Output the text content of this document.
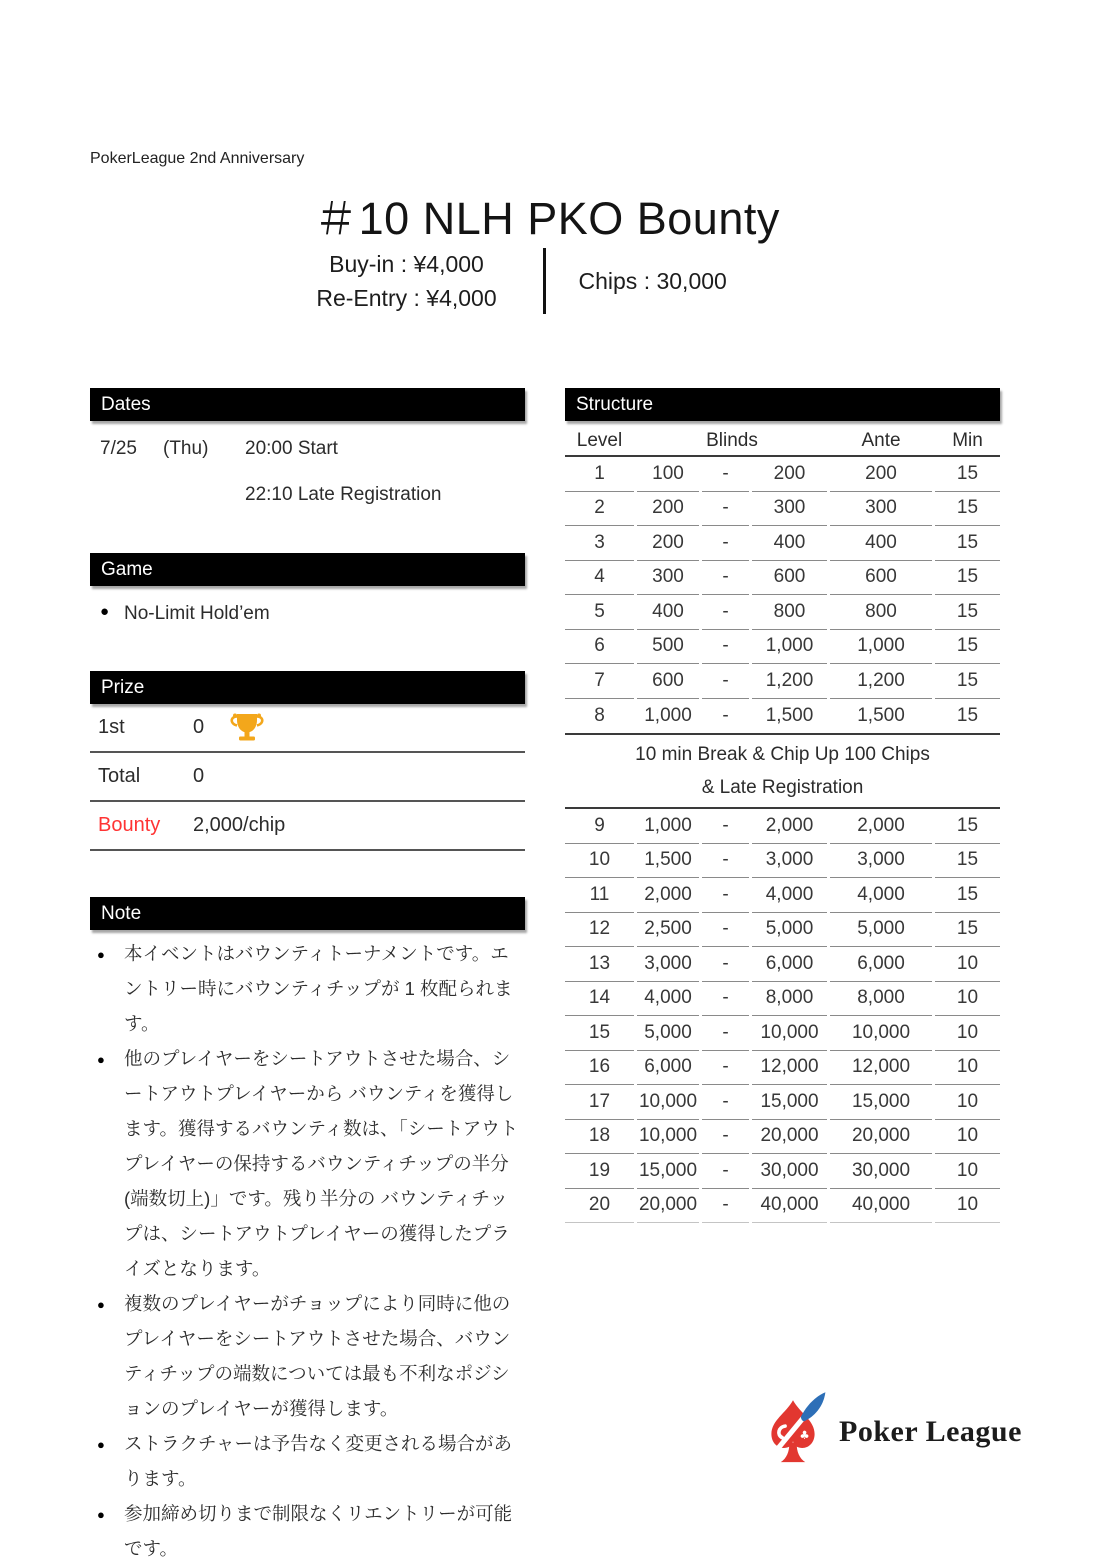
PokerLeague 2nd Anniversary
＃10 NLH PKO Bounty
Buy-in : ¥4,000
Re-Entry : ¥4,000
Chips : 30,000
Dates
7/25	(Thu)	20:00 Start
22:10 Late Registration
Game
● No-Limit Hold’em
Prize
1st	0
Total	0
Bounty	2,000/chip
Note
●	本イベントはバウンティトーナメントです。エントリー時にバウンティチップが 1 枚配られます。
●	他のプレイヤーをシートアウトさせた場合、シートアウトプレイヤーから バウンティを獲得します。獲得するバウンティ数は、「シートアウトプレイヤーの保持するバウンティチップの半分(端数切上)」です。残り半分の バウンティチップは、シートアウトプレイヤーの獲得したプライズとなります。
●	複数のプレイヤーがチョップにより同時に他のプレイヤーをシートアウトさせた場合、バウンティチップの端数については最も不利なポジションのプレイヤーが獲得します。
●	ストラクチャーは予告なく変更される場合があります。
●	参加締め切りまで制限なくリエントリーが可能です。
Structure
Level	Blinds	Ante	Min
1	100	-	200	200	15
2	200	-	300	300	15
3	200	-	400	400	15
4	300	-	600	600	15
5	400	-	800	800	15
6	500	-	1,000	1,000	15
7	600	-	1,200	1,200	15
8	1,000	-	1,500	1,500	15
10 min Break & Chip Up 100 Chips
& Late Registration
9	1,000	-	2,000	2,000	15
10	1,500	-	3,000	3,000	15
11	2,000	-	4,000	4,000	15
12	2,500	-	5,000	5,000	15
13	3,000	-	6,000	6,000	10
14	4,000	-	8,000	8,000	10
15	5,000	-	10,000	10,000	10
16	6,000	-	12,000	12,000	10
17	10,000	-	15,000	15,000	10
18	10,000	-	20,000	20,000	10
19	15,000	-	30,000	30,000	10
20	20,000	-	40,000	40,000	10
♣ Poker League
